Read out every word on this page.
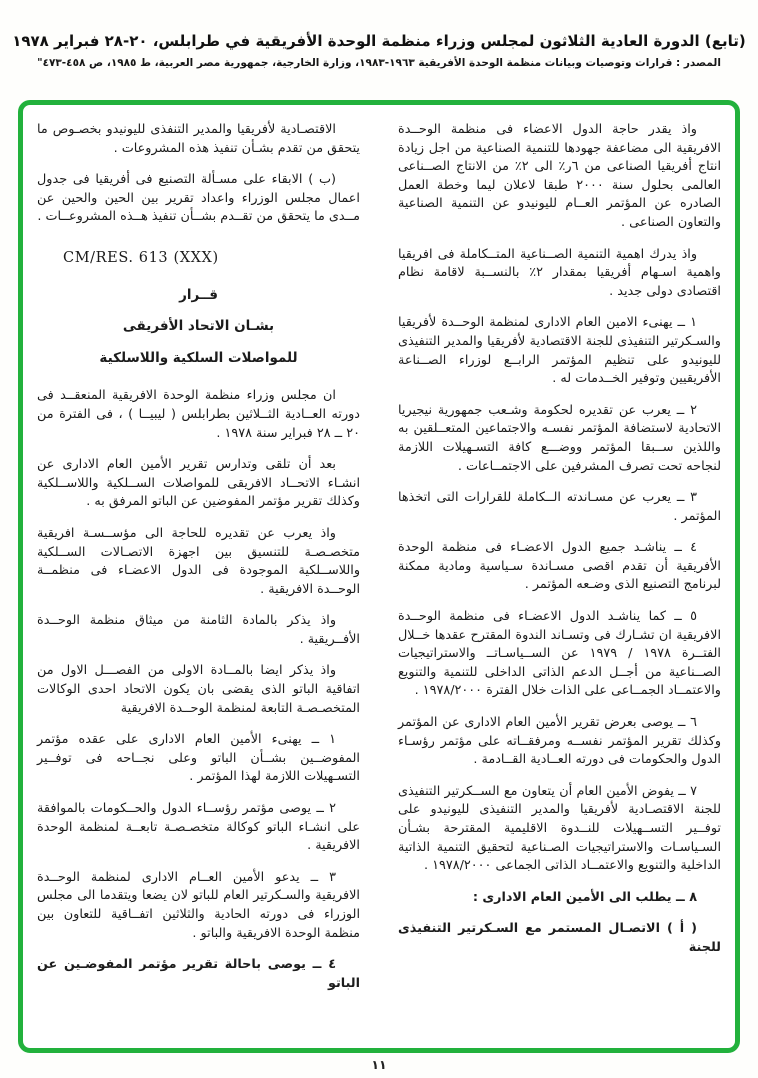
(تابع) الدورة العادية الثلاثون لمجلس وزراء منظمة الوحدة الأفريقية في طرابلس، ٢٠-٢٨ فبراير ١٩٧٨
المصدر : قرارات وتوصيات وبيانات منظمة الوحدة الأفريقية ١٩٦٣-١٩٨٣، وزارة الخارجية، جمهورية مصر العربية، ط ١٩٨٥، ص ٤٥٨-٤٧٣"

واذ يقدر حاجة الدول الاعضاء فى منظمة الوحــدة الافريقية الى مضاعفة جهودها للتنمية الصناعية من اجل زيادة انتاج أفريقيا الصناعى من ٦ر٪ الى ٢٪ من الانتاج الصــناعى العالمى بحلول سنة ٢٠٠٠ طبقا لاعلان ليما وخطة العمل الصادره عن المؤتمر العــام لليونيدو عن التنمية الصناعية والتعاون الصناعى .

واذ يدرك اهمية التنمية الصــناعية المتــكاملة فى افريقيا واهمية اسـهام أفريقيا بمقدار ٢٪ بالنســبة لاقامة نظام اقتصادى دولى جديد .

١ ــ يهنىء الامين العام الادارى لمنظمة الوحــدة لأفريقيا والسـكرتير التنفيذى للجنة الاقتصادية لأفريقيا والمدير التنفيذى لليونيدو على تنظيم المؤتمر الرابــع لوزراء الصــناعة الأفريقيين وتوفير الخــدمات له .

٢ ــ يعرب عن تقديره لحكومة وشـعب جمهورية نيجيريا الاتحادية لاستضافة المؤتمر نفسـه والاجتماعين المتعــلقين به واللذين ســبقا المؤتمر ووضـــع كافة التسـهيلات اللازمة لنجاحه تحت تصرف المشرفين على الاجتمــاعات .

٣ ــ يعرب عن مسـاندته الــكاملة للقرارات التى اتخذها المؤتمر .

٤ ــ يناشـد جميع الدول الاعضـاء فى منظمة الوحدة الأفريقية أن تقدم اقصى مسـاندة سـياسية ومادية ممكنة لبرنامج التصنيع الذى وضـعه المؤتمر .

٥ ــ كما يناشـد الدول الاعضـاء فى منظمة الوحــدة الافريقية ان تشـارك فى وتسـاند الندوة المقترح عقدها خــلال الفتــرة ١٩٧٨ / ١٩٧٩ عن الســياسـاتــ والاستراتيجيات الصــناعية من أجــل الدعم الذاتى الداخلى للتنمية والتنويع والاعتمــاد الجمــاعى على الذات خلال الفترة ١٩٧٨/٢٠٠٠ .

٦ ــ يوصى بعرض تقرير الأمين العام الادارى عن المؤتمر وكذلك تقرير المؤتمر نفســه ومرفقــاته على مؤتمر رؤسـاء الدول والحكومات فى دورته العــادية القــادمة .

٧ ــ يفوض الأمين العام أن يتعاون مع الســكرتير التنفيذى للجنة الاقتصـادية لأفريقيا والمدير التنفيذى لليونيدو على توفــير التســهيلات للنــدوة الاقليمية المقترحة بشـأن السـياسـات والاستراتيجيات الصـناعية لتحقيق التنمية الذاتية الداخلية والتنويع والاعتمــاد الذاتى الجماعى ١٩٧٨/٢٠٠٠ .

٨ ــ يطلب الى الأمين العام الادارى :

( أ ) الاتصـال المستمر مع السـكرتير التنفيذى للجنة

الاقتصـادية لأفريقيا والمدير التنفذى لليونيدو بخصـوص ما يتحقق من تقدم بشـأن تنفيذ هذه المشروعات .

(ب ) الابقاء على مسـألة التصنيع فى أفريقيا فى جدول اعمال مجلس الوزراء واعداد تقرير بين الحين والحين عن مــدى ما يتحقق من تقــدم بشــأن تنفيذ هــذه المشروعــات .

CM/RES. 613 (XXX)

قــرار

بشـان الاتحاد الأفريقى

للمواصلات السلكية واللاسلكية

ان مجلس وزراء منظمة الوحدة الافريقية المنعقــد فى دورته العــادية الثــلاثين بطرابلس ( ليبيــا ) ، فى الفترة من ٢٠ ــ ٢٨ فبراير سنة ١٩٧٨ .

بعد أن تلقى وتدارس تقرير الأمين العام الادارى عن انشـاء الاتحــاد الافريقى للمواصلات الســلكية واللاســلكية وكذلك تقرير مؤتمر المفوضين عن الباتو المرفق به .

واذ يعرب عن تقديره للحاجة الى مؤســسـة افريقية متخصـصـة للتنسيق بين اجهزة الاتصـالات الســلكية واللاســلكية الموجودة فى الدول الاعضـاء فى منظمــة الوحــدة الافريقية .

واذ يذكر بالمادة الثامنة من ميثاق منظمة الوحــدة الأفــريقية .

واذ يذكر ايضا بالمــادة الاولى من الفصـــل الاول من اتفاقية الباتو الذى يقضى بان يكون الاتحاد احدى الوكالات المتخصـصـة التابعة لمنظمة الوحــدة الافريقية

١ ــ يهنىء الأمين العام الادارى على عقده مؤتمر المفوضــين بشــأن الباتو وعلى نجــاحه فى توفــير التسـهيلات اللازمة لهذا المؤتمر .

٢ ــ يوصى مؤتمر رؤســاء الدول والحــكومات بالموافقة على انشـاء الباتو كوكالة متخصـصـة تابعــة لمنظمة الوحدة الافريقية .

٣ ــ يدعو الأمين العــام الادارى لمنظمة الوحــدة الافريقية والسـكرتير العام للباتو لان يضعا ويتقدما الى مجلس الوزراء فى دورته الحادية والثلاثين اتفــاقية للتعاون بين منظمة الوحدة الافريقية والباتو .

٤ ــ يوصى باحالة تقرير مؤتمر المفوضـين عن الباتو

١١
